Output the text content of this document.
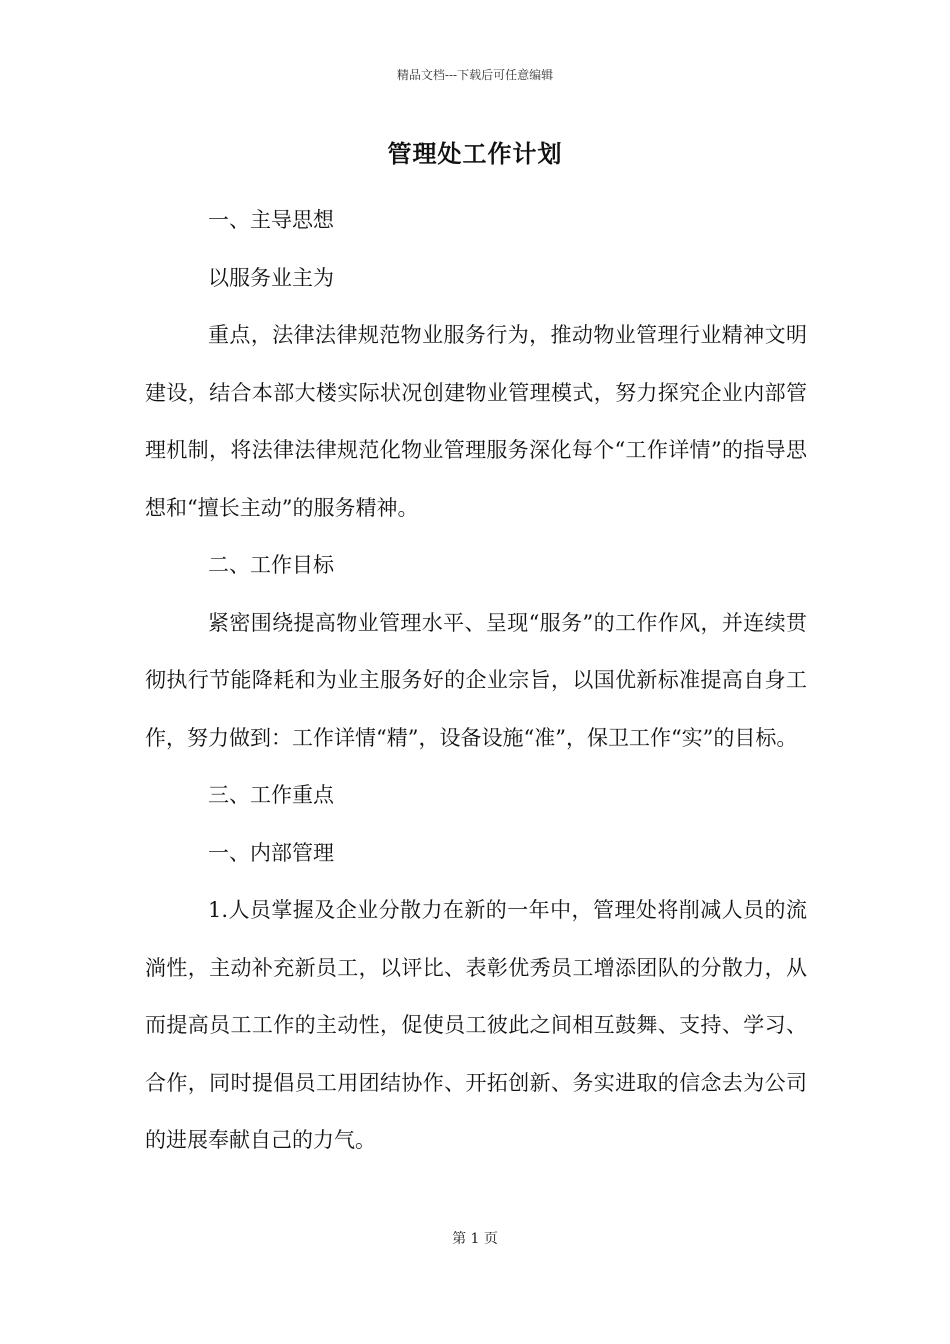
精品文档---下载后可任意编辑
管理处工作计划

一、主导思想

以服务业主为

重点，法律法律规范物业服务行为，推动物业管理行业精神文明建设，结合本部大楼实际状况创建物业管理模式，努力探究企业内部管理机制，将法律法律规范化物业管理服务深化每个“工作详情”的指导思想和“擅长主动”的服务精神。

二、工作目标

紧密围绕提高物业管理水平、呈现“服务”的工作作风，并连续贯彻执行节能降耗和为业主服务好的企业宗旨，以国优新标准提高自身工作，努力做到：工作详情“精”，设备设施“准”，保卫工作“实”的目标。

三、工作重点

一、内部管理

1.人员掌握及企业分散力在新的一年中，管理处将削减人员的流淌性，主动补充新员工，以评比、表彰优秀员工增添团队的分散力，从而提高员工工作的主动性，促使员工彼此之间相互鼓舞、支持、学习、合作，同时提倡员工用团结协作、开拓创新、务实进取的信念去为公司的进展奉献自己的力气。

第 1 页
